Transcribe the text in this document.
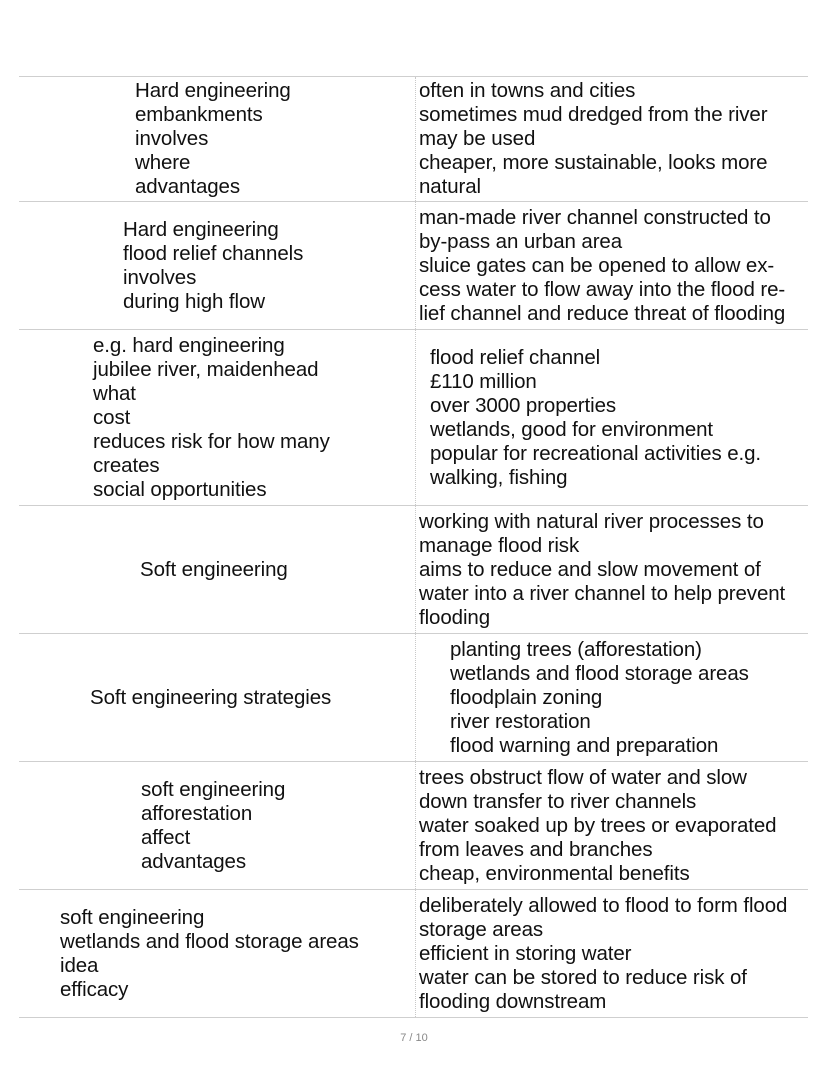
Hard engineering
embankments
involves
where
advantages
often in towns and cities
sometimes mud dredged from the river
may be used
cheaper, more sustainable, looks more
natural
Hard engineering
flood relief channels
involves
during high flow
man-made river channel constructed to
by-pass an urban area
sluice gates can be opened to allow ex-
cess water to flow away into the flood re-
lief channel and reduce threat of flooding
e.g. hard engineering
jubilee river, maidenhead
what
cost
reduces risk for how many
creates
social opportunities
flood relief channel
£110 million
over 3000 properties
wetlands, good for environment
popular for recreational activities e.g.
walking, fishing
Soft engineering
working with natural river processes to
manage flood risk
aims to reduce and slow movement of
water into a river channel to help prevent
flooding
Soft engineering strategies
planting trees (afforestation)
wetlands and flood storage areas
floodplain zoning
river restoration
flood warning and preparation
soft engineering
afforestation
affect
advantages
trees obstruct flow of water and slow
down transfer to river channels
water soaked up by trees or evaporated
from leaves and branches
cheap, environmental benefits
soft engineering
wetlands and flood storage areas
idea
efficacy
deliberately allowed to flood to form flood
storage areas
efficient in storing water
water can be stored to reduce risk of
flooding downstream
7 / 10
